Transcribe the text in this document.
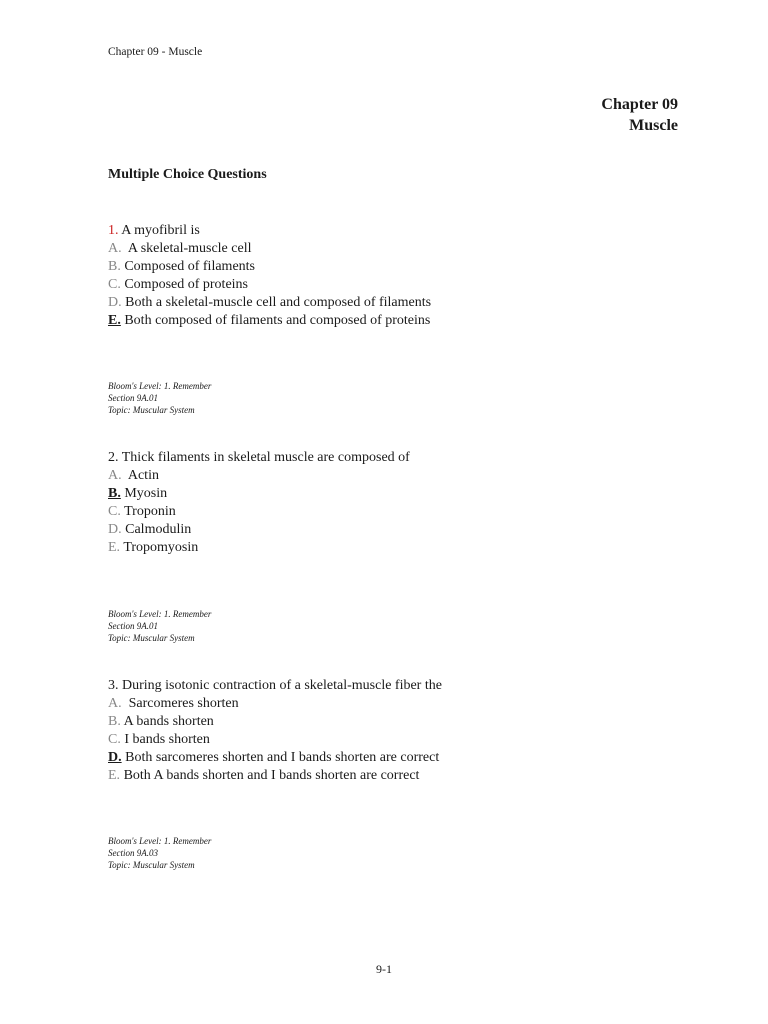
Chapter 09 - Muscle
Chapter 09
Muscle
Multiple Choice Questions

1. A myofibril is

A. A skeletal-muscle cell

B. Composed of filaments

C. Composed of proteins

D. Both a skeletal-muscle cell and composed of filaments

E. Both composed of filaments and composed of proteins

Bloom's Level: 1. Remember
Section 9A.01
Topic: Muscular System

2. Thick filaments in skeletal muscle are composed of

A. Actin

B. Myosin

C. Troponin

D. Calmodulin

E. Tropomyosin

Bloom's Level: 1. Remember
Section 9A.01
Topic: Muscular System

3. During isotonic contraction of a skeletal-muscle fiber the

A. Sarcomeres shorten

B. A bands shorten

C. I bands shorten

D. Both sarcomeres shorten and I bands shorten are correct

E. Both A bands shorten and I bands shorten are correct

Bloom's Level: 1. Remember
Section 9A.03
Topic: Muscular System
9-1
